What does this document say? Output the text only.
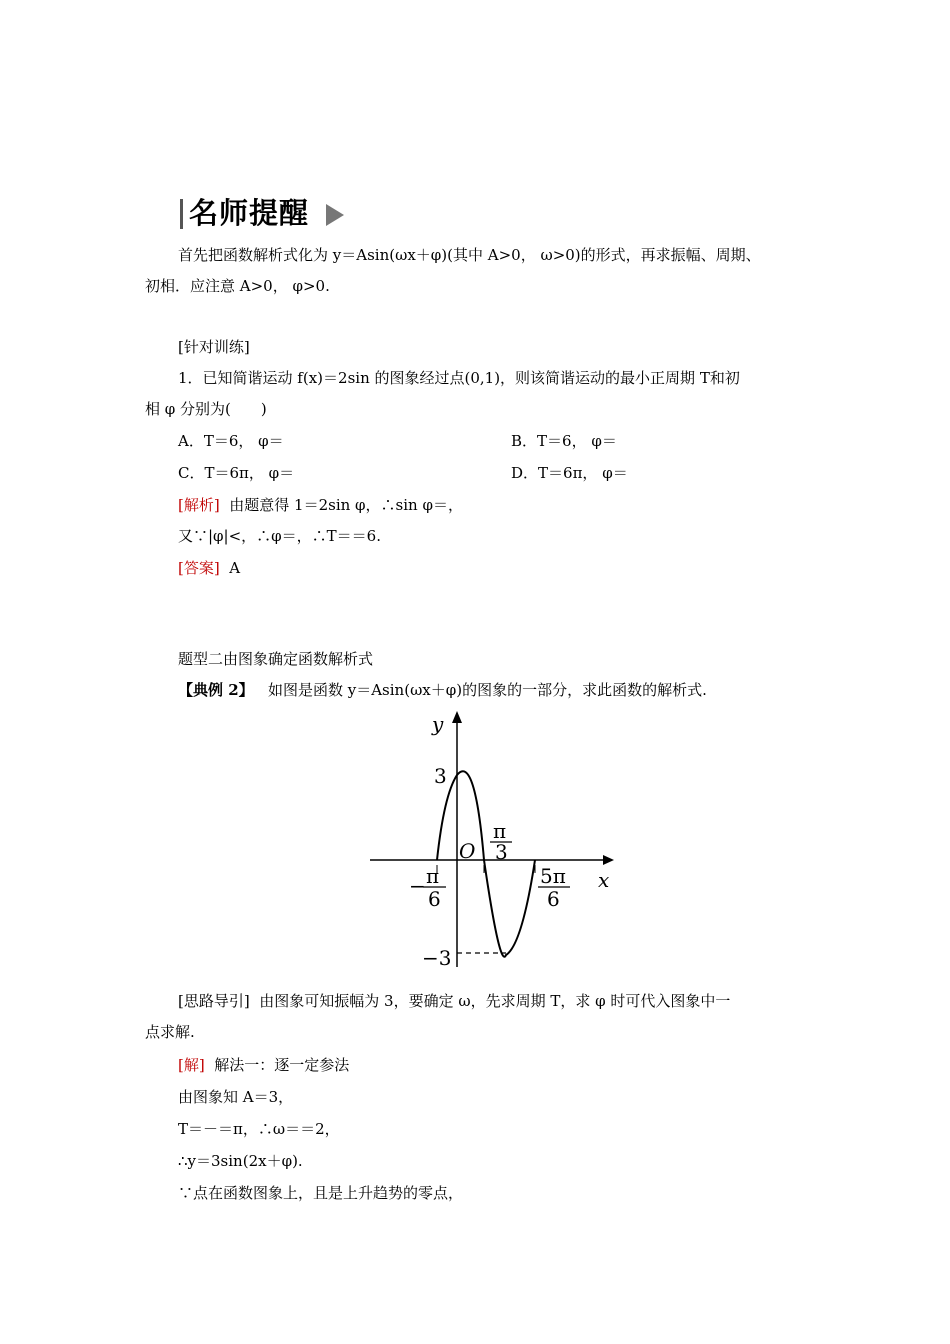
名师提醒
首先把函数解析式化为 y＝Asin(ωx＋φ)(其中 A>0， ω>0)的形式，再求振幅、周期、
初相．应注意 A>0， φ>0.
[针对训练]
1．已知简谐运动 f(x)＝2sin 的图象经过点(0,1)，则该简谐运动的最小正周期 T和初
相 φ 分别为(　　)
A．T＝6， φ＝	B．T＝6， φ＝
C．T＝6π， φ＝	D．T＝6π， φ＝
[解析] 由题意得 1＝2sin φ，∴sin φ＝，
又∵|φ|<，∴φ＝，∴T＝＝6.
[答案] A
题型二由图象确定函数解析式
【典例 2】 如图是函数 y＝Asin(ωx＋φ)的图象的一部分，求此函数的解析式.
y
x
O
3
−3
π
3
− π
6
5π
6
[思路导引] 由图象可知振幅为 3，要确定 ω，先求周期 T，求 φ 时可代入图象中一
点求解.
[解] 解法一：逐一定参法
由图象知 A＝3，
T＝－＝π，∴ω＝＝2，
∴y＝3sin(2x＋φ).
∵点在函数图象上，且是上升趋势的零点，
